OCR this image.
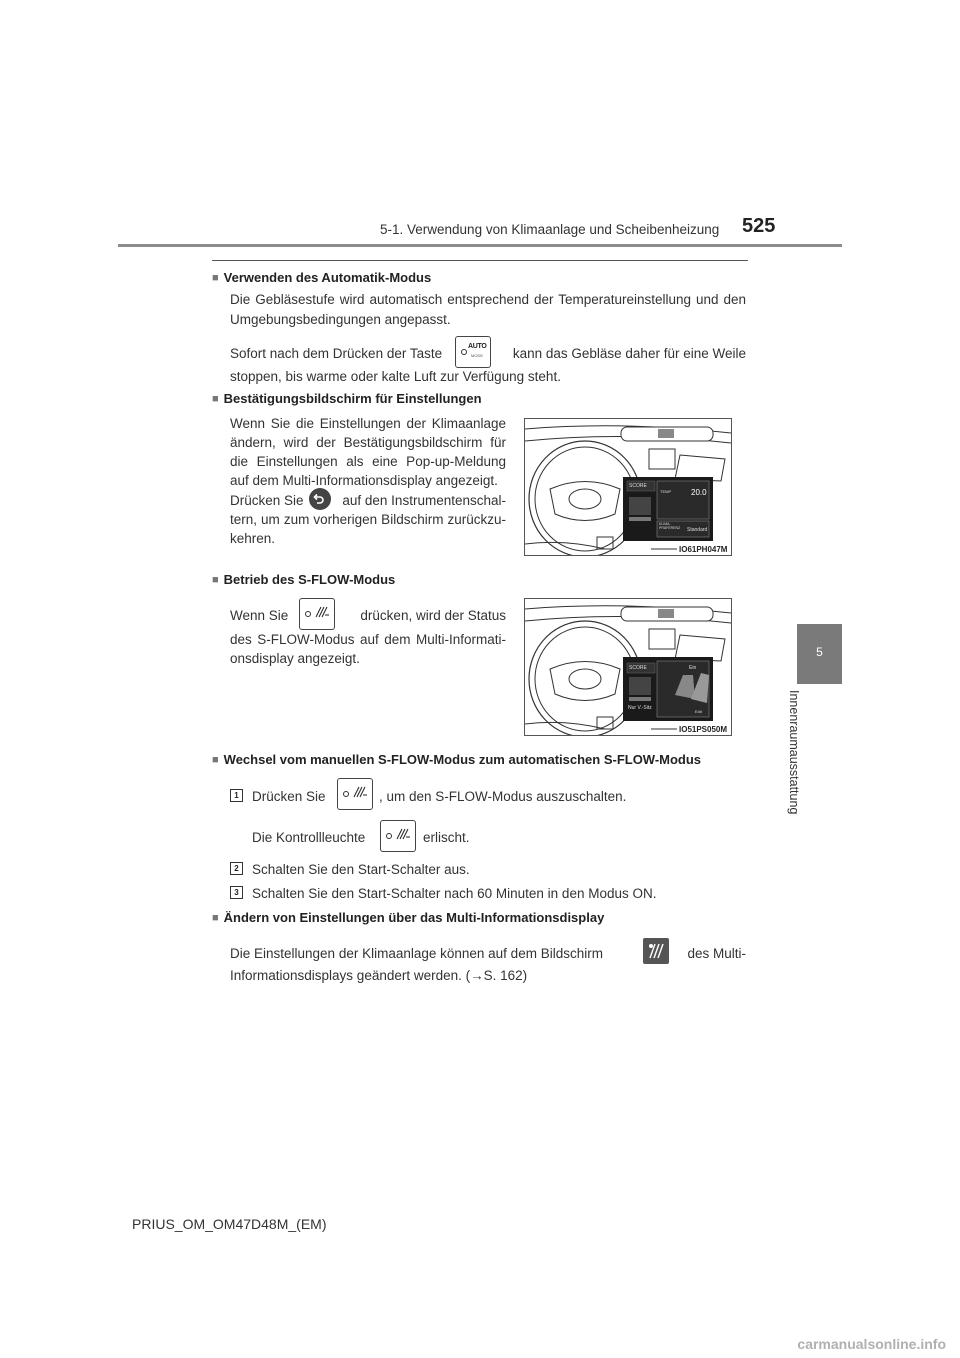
5-1. Verwendung von Klimaanlage und Scheibenheizung 525
5
Innenraumausstattung
■ Verwenden des Automatik-Modus
Die Gebläsestufe wird automatisch entsprechend der Temperatureinstellung und den Umgebungsbedingungen angepasst.
Sofort nach dem Drücken der Taste	AUTO
MODE	kann das Gebläse daher für eine Weile
stoppen, bis warme oder kalte Luft zur Verfügung steht.
■ Bestätigungsbildschirm für Einstellungen
Wenn Sie die Einstellungen der Klimaanlage ändern, wird der Bestätigungsbildschirm für die Einstellungen als eine Pop-up-Meldung auf dem Multi-Informationsdisplay angezeigt.
Drücken Sie	auf den Instrumentenschal-
tern, um zum vorherigen Bildschirm zurückzu-kehren.
SCORE
TEMP 20.0
KLIMA-PRÄFERENZ Standard
IO61PH047M
■ Betrieb des S-FLOW-Modus
Wenn Sie	drücken, wird der Status
des S-FLOW-Modus auf dem Multi-Informati-onsdisplay angezeigt.
SCORE	Ein
Nur V.-Sitz
Edit
IO51PS050M
■ Wechsel vom manuellen S-FLOW-Modus zum automatischen S-FLOW-Modus
1 Drücken Sie	, um den S-FLOW-Modus auszuschalten.
Die Kontrollleuchte	erlischt.
2 Schalten Sie den Start-Schalter aus.
3 Schalten Sie den Start-Schalter nach 60 Minuten in den Modus ON.
■ Ändern von Einstellungen über das Multi-Informationsdisplay
Die Einstellungen der Klimaanlage können auf dem Bildschirm	des Multi-
Informationsdisplays geändert werden. (→S. 162)
PRIUS_OM_OM47D48M_(EM)
carmanualsonline.info
